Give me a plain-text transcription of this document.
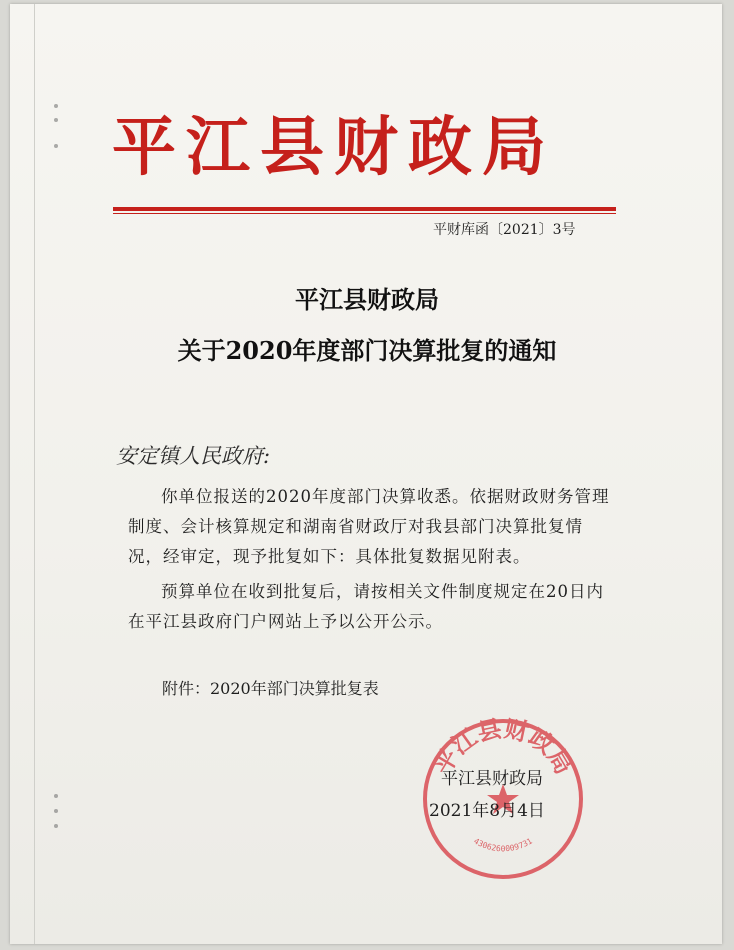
平江县财政局
平财库函〔2021〕3号
平江县财政局
关于2020年度部门决算批复的通知
安定镇人民政府:
你单位报送的2020年度部门决算收悉。依据财政财务管理制度、会计核算规定和湖南省财政厅对我县部门决算批复情况，经审定，现予批复如下：具体批复数据见附表。
预算单位在收到批复后，请按相关文件制度规定在20日内在平江县政府门户网站上予以公开公示。
附件：2020年部门决算批复表
平江县财政局
4306260009731
平江县财政局
2021年8月4日
